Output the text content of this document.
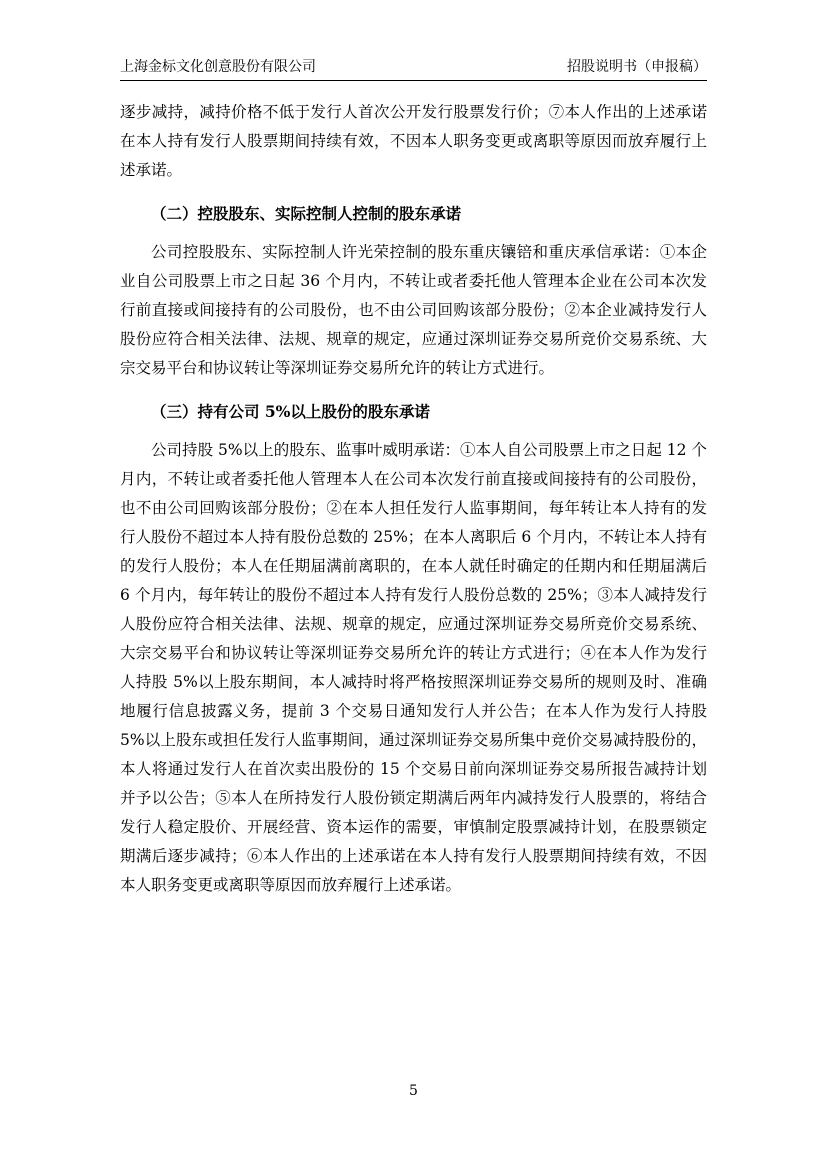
上海金标文化创意股份有限公司	招股说明书（申报稿）

逐步减持，减持价格不低于发行人首次公开发行股票发行价；⑦本人作出的上述承诺在本人持有发行人股票期间持续有效，不因本人职务变更或离职等原因而放弃履行上述承诺。

（二）控股股东、实际控制人控制的股东承诺

公司控股股东、实际控制人许光荣控制的股东重庆镶锫和重庆承信承诺：①本企业自公司股票上市之日起 36 个月内，不转让或者委托他人管理本企业在公司本次发行前直接或间接持有的公司股份，也不由公司回购该部分股份；②本企业减持发行人股份应符合相关法律、法规、规章的规定，应通过深圳证券交易所竞价交易系统、大宗交易平台和协议转让等深圳证券交易所允许的转让方式进行。

（三）持有公司 5%以上股份的股东承诺

公司持股 5%以上的股东、监事叶威明承诺：①本人自公司股票上市之日起 12 个月内，不转让或者委托他人管理本人在公司本次发行前直接或间接持有的公司股份，也不由公司回购该部分股份；②在本人担任发行人监事期间，每年转让本人持有的发行人股份不超过本人持有股份总数的 25%；在本人离职后 6 个月内，不转让本人持有的发行人股份；本人在任期届满前离职的，在本人就任时确定的任期内和任期届满后 6 个月内，每年转让的股份不超过本人持有发行人股份总数的 25%；③本人减持发行人股份应符合相关法律、法规、规章的规定，应通过深圳证券交易所竞价交易系统、大宗交易平台和协议转让等深圳证券交易所允许的转让方式进行；④在本人作为发行人持股 5%以上股东期间，本人减持时将严格按照深圳证券交易所的规则及时、准确地履行信息披露义务，提前 3 个交易日通知发行人并公告；在本人作为发行人持股 5%以上股东或担任发行人监事期间，通过深圳证券交易所集中竞价交易减持股份的，本人将通过发行人在首次卖出股份的 15 个交易日前向深圳证券交易所报告减持计划并予以公告；⑤本人在所持发行人股份锁定期满后两年内减持发行人股票的，将结合发行人稳定股价、开展经营、资本运作的需要，审慎制定股票减持计划，在股票锁定期满后逐步减持；⑥本人作出的上述承诺在本人持有发行人股票期间持续有效，不因本人职务变更或离职等原因而放弃履行上述承诺。

5
